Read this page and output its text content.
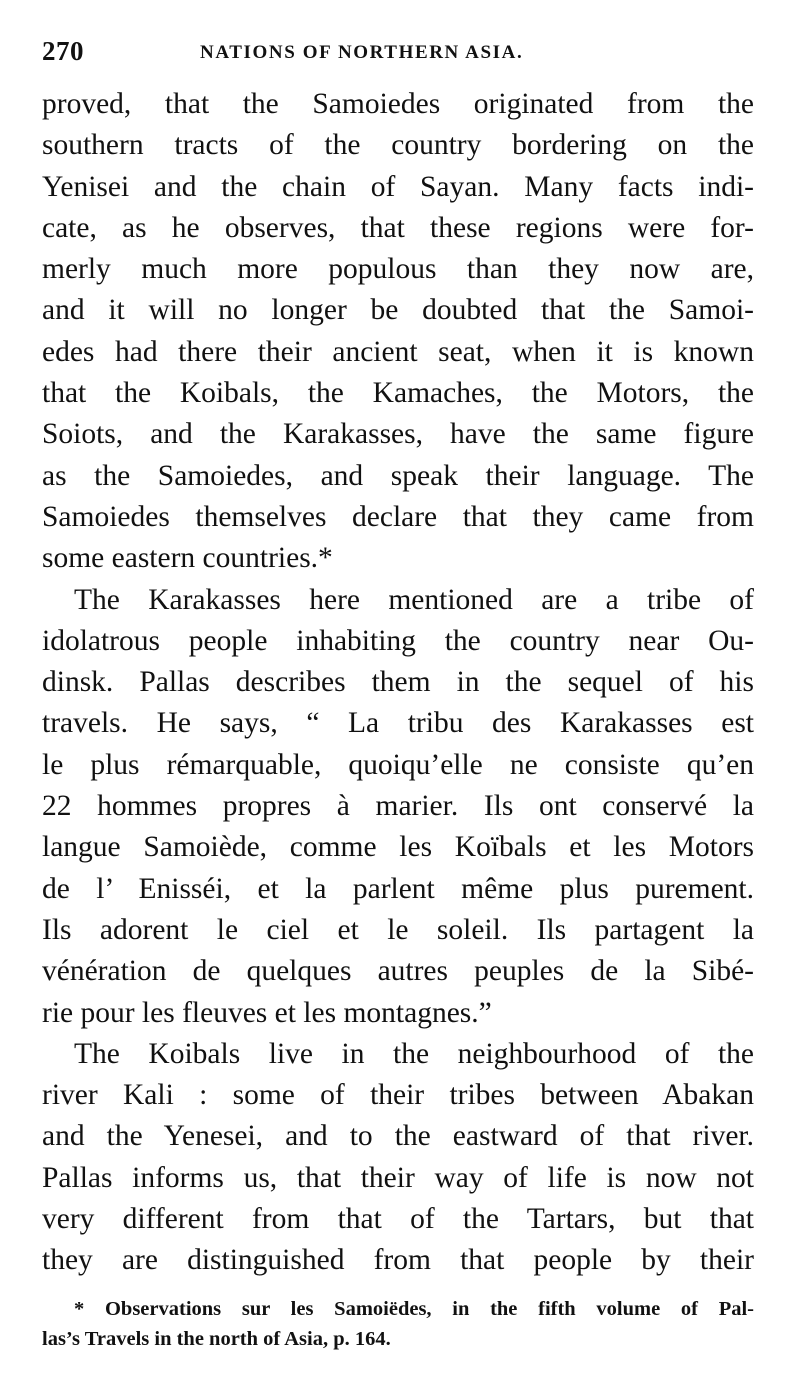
270	NATIONS OF NORTHERN ASIA.
proved, that the Samoiedes originated from the
southern tracts of the country bordering on the
Yenisei and the chain of Sayan. Many facts indi-
cate, as he observes, that these regions were for-
merly much more populous than they now are,
and it will no longer be doubted that the Samoi-
edes had there their ancient seat, when it is known
that the Koibals, the Kamaches, the Motors, the
Soiots, and the Karakasses, have the same figure
as the Samoiedes, and speak their language. The
Samoiedes themselves declare that they came from
some eastern countries.*
The Karakasses here mentioned are a tribe of
idolatrous people inhabiting the country near Ou-
dinsk. Pallas describes them in the sequel of his
travels. He says, “ La tribu des Karakasses est
le plus rémarquable, quoiqu’elle ne consiste qu’en
22 hommes propres à marier. Ils ont conservé la
langue Samoiède, comme les Koïbals et les Motors
de l’ Enisséi, et la parlent même plus purement.
Ils adorent le ciel et le soleil. Ils partagent la
vénération de quelques autres peuples de la Sibé-
rie pour les fleuves et les montagnes.”
The Koibals live in the neighbourhood of the
river Kali : some of their tribes between Abakan
and the Yenesei, and to the eastward of that river.
Pallas informs us, that their way of life is now not
very different from that of the Tartars, but that
they are distinguished from that people by their
* Observations sur les Samoiëdes, in the fifth volume of Pal-
las’s Travels in the north of Asia, p. 164.
